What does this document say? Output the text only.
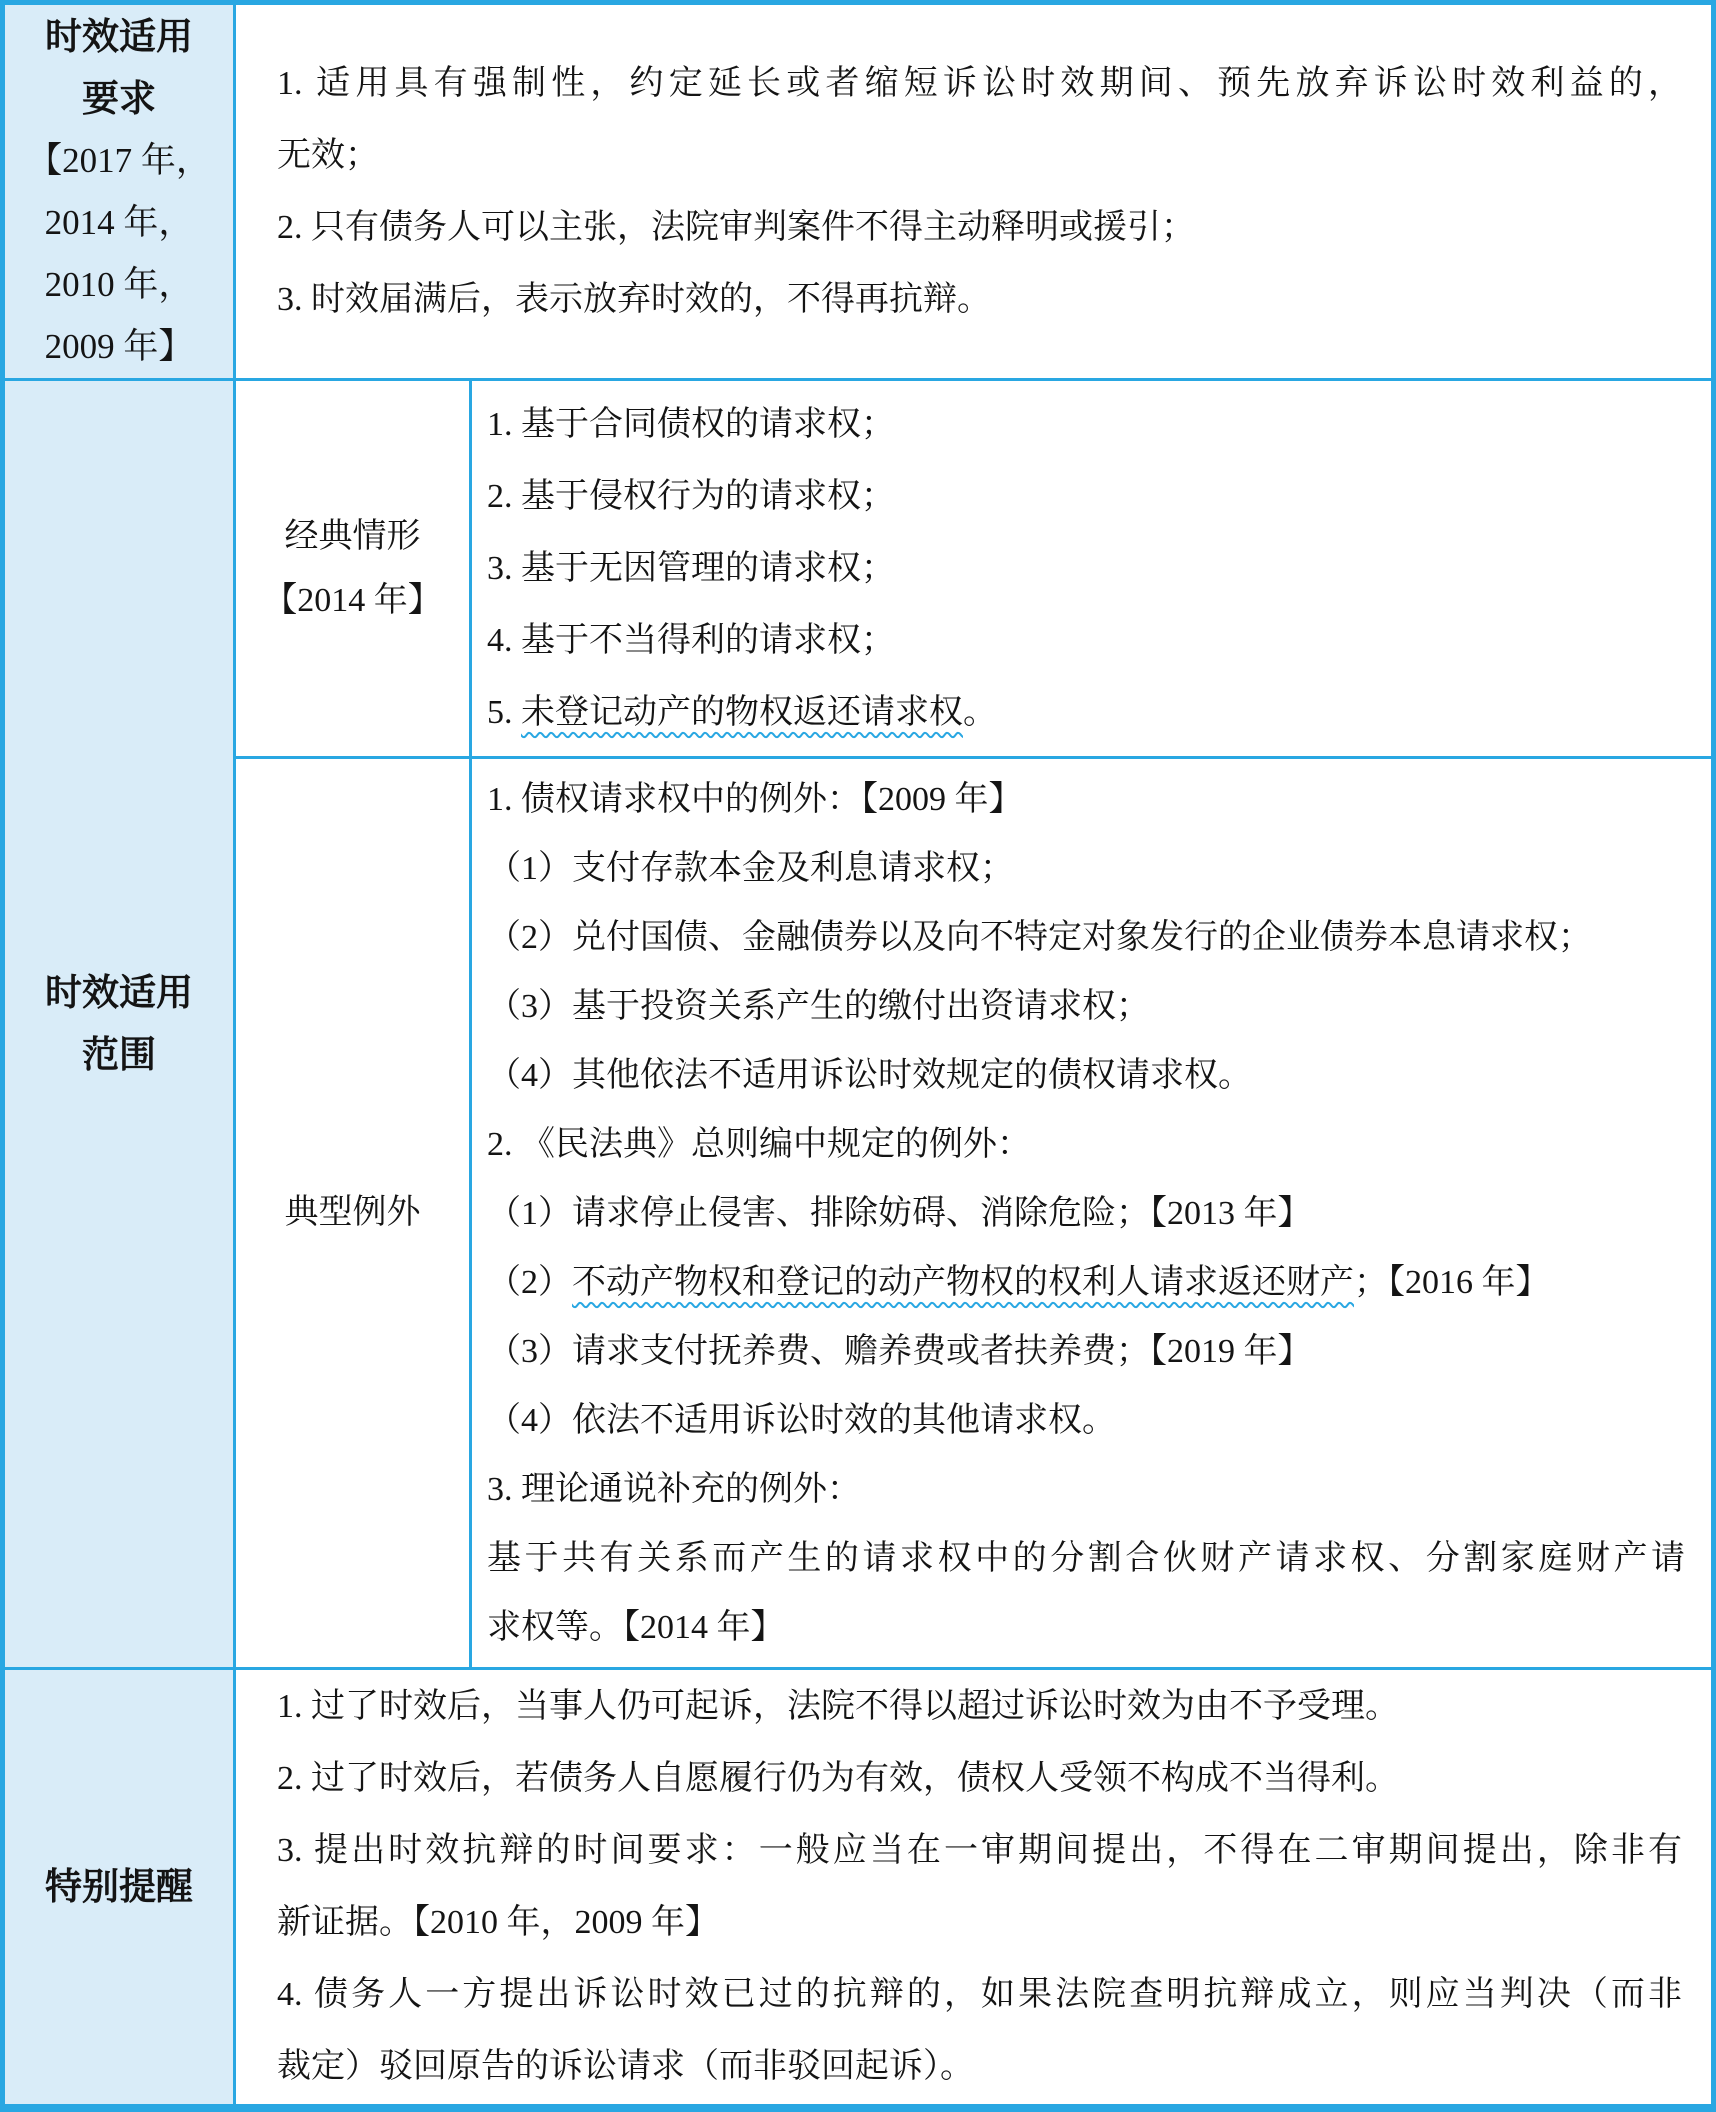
时效适用
要求
【2017 年，
2014 年，
2010 年，
2009 年】
1. 适用具有强制性，约定延长或者缩短诉讼时效期间、预先放弃诉讼时效利益的，
无效；
2. 只有债务人可以主张，法院审判案件不得主动释明或援引；
3. 时效届满后，表示放弃时效的，不得再抗辩。
时效适用
范围
经典情形
【2014 年】
1. 基于合同债权的请求权；
2. 基于侵权行为的请求权；
3. 基于无因管理的请求权；
4. 基于不当得利的请求权；
5. 未登记动产的物权返还请求权。
典型例外
1. 债权请求权中的例外：【2009 年】
（1）支付存款本金及利息请求权；
（2）兑付国债、金融债券以及向不特定对象发行的企业债券本息请求权；
（3）基于投资关系产生的缴付出资请求权；
（4）其他依法不适用诉讼时效规定的债权请求权。
2. 《民法典》总则编中规定的例外：
（1）请求停止侵害、排除妨碍、消除危险；【2013 年】
（2）不动产物权和登记的动产物权的权利人请求返还财产；【2016 年】
（3）请求支付抚养费、赡养费或者扶养费；【2019 年】
（4）依法不适用诉讼时效的其他请求权。
3. 理论通说补充的例外：
基于共有关系而产生的请求权中的分割合伙财产请求权、分割家庭财产请
求权等。【2014 年】
特别提醒
1. 过了时效后，当事人仍可起诉，法院不得以超过诉讼时效为由不予受理。
2. 过了时效后，若债务人自愿履行仍为有效，债权人受领不构成不当得利。
3. 提出时效抗辩的时间要求：一般应当在一审期间提出，不得在二审期间提出，除非有
新证据。【2010 年，2009 年】
4. 债务人一方提出诉讼时效已过的抗辩的，如果法院查明抗辩成立，则应当判决（而非
裁定）驳回原告的诉讼请求（而非驳回起诉）。
